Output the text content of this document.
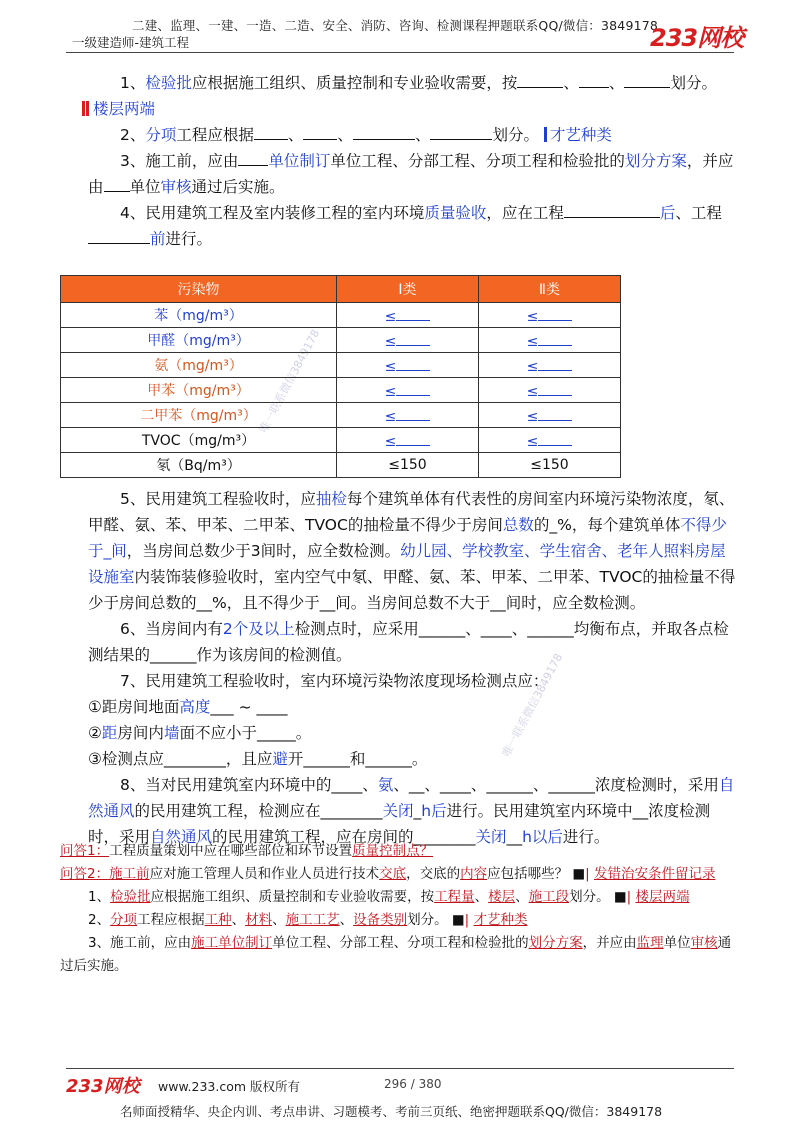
二建、监理、一建、一造、二造、安全、消防、咨询、检测课程押题联系QQ/微信：3849178
一级建造师-建筑工程	233网校
唯一联系微信3849178
唯一联系微信3849178

1、检验批应根据施工组织、质量控制和专业验收需要，按	、 、	划分。

楼层两端

2、分项工程应根据 、 、	、	划分。 才艺种类

3、施工前，应由 单位制订单位工程、分部工程、分项工程和检验批的划分方案，并应由 单位审核通过后实施。

4、民用建筑工程及室内装修工程的室内环境质量验收，应在工程	后、工程前进行。

污染物	Ⅰ类	Ⅱ类
苯（mg/m³）	≤	≤
甲醛（mg/m³）	≤	≤
氨（mg/m³）	≤	≤
甲苯（mg/m³）	≤	≤
二甲苯（mg/m³）	≤	≤
TVOC（mg/m³）	≤	≤
氡（Bq/m³）	≤150	≤150

5、民用建筑工程验收时，应抽检每个建筑单体有代表性的房间室内环境污染物浓度，氡、甲醛、氨、苯、甲苯、二甲苯、TVOC的抽检量不得少于房间总数的_%，每个建筑单体不得少于_间，当房间总数少于3间时，应全数检测。幼儿园、学校教室、学生宿舍、老年人照料房屋设施室内装饰装修验收时，室内空气中氡、甲醛、氨、苯、甲苯、二甲苯、TVOC的抽检量不得少于房间总数的__%，且不得少于__间。当房间总数不大于__间时，应全数检测。

6、当房间内有2个及以上检测点时，应采用______、____、______均衡布点，并取各点检测结果的______作为该房间的检测值。

7、民用建筑工程验收时，室内环境污染物浓度现场检测点应：

①距房间地面高度___ ~ ____

②距房间内墙面不应小于_____。

③检测点应________，且应避开______和______。

8、当对民用建筑室内环境中的____、氨、__、____、______、______浓度检测时，采用自然通风的民用建筑工程，检测应在________关闭_h后进行。民用建筑室内环境中__浓度检测时，采用自然通风的民用建筑工程，应在房间的________关闭__h以后进行。

问答1：工程质量策划中应在哪些部位和环节设置质量控制点？

问答2：施工前应对施工管理人员和作业人员进行技术交底，交底的内容应包括哪些？ ■| 发错治安条件留记录

1、检验批应根据施工组织、质量控制和专业验收需要，按工程量、楼层、施工段划分。 ■| 楼层两端

2、分项工程应根据工种、材料、施工工艺、设备类别划分。 ■| 才艺种类

3、施工前，应由施工单位制订单位工程、分部工程、分项工程和检验批的划分方案，并应由监理单位审核通过后实施。

233网校 www.233.com 版权所有	296 / 380
名师面授精华、央企内训、考点串讲、习题模考、考前三页纸、绝密押题联系QQ/微信：3849178
